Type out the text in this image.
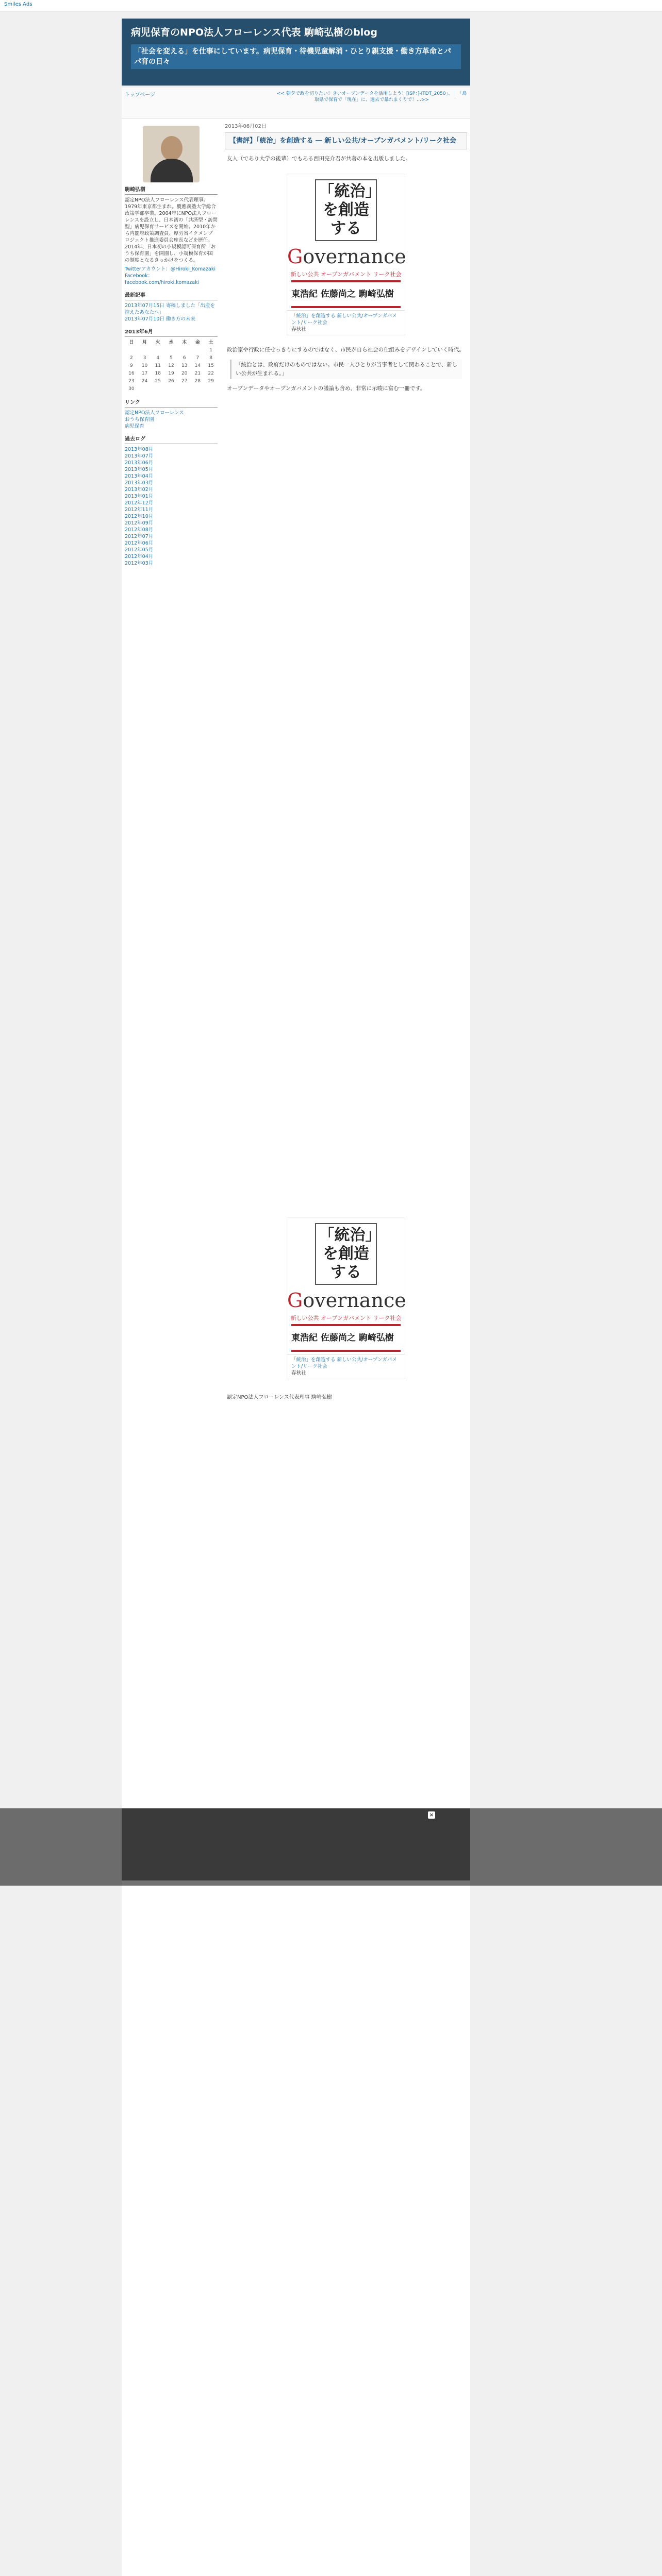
Smiles Ads
病児保育のNPO法人フローレンス代表 駒崎弘樹のblog
「社会を変える」を仕事にしています。病児保育・待機児童解消・ひとり親支援・働き方革命とパパ育の日々
トップページ	<< 朝夕で政を切りたい！きいオープンデータを活用しよう！[ISP：]-ITDT_2050」、｜「鳥取県で保育で「現在」に、過去で暴れまくりで！…>>
駒崎弘樹
認定NPO法人フローレンス代表理事。1979年東京都生まれ。慶應義塾大学総合政策学部卒業。2004年にNPO法人フローレンスを設立し、日本初の「共済型・訪問型」病児保育サービスを開始。2010年から内閣府政策調査員、厚労省イクメンプロジェクト推進委員会座長などを歴任。2014年、日本初の小規模認可保育所「おうち保育園」を開園し、小規模保育が国の制度となるきっかけをつくる。
Twitterアカウント：@Hiroki_Komazaki
Facebook：facebook.com/hiroki.komazaki
最新記事
2013年07月15日 寄稿しました「出産を控えたあなたへ」
2013年07月10日 働き方の未来
2013年6月
日	月	火	水	木	金	土
						1
2	3	4	5	6	7	8
9	10	11	12	13	14	15
16	17	18	19	20	21	22
23	24	25	26	27	28	29
30						
リンク
認定NPO法人フローレンス
おうち保育園
病児保育
過去ログ
2013年08月
2013年07月
2013年06月
2013年05月
2013年04月
2013年03月
2013年02月
2013年01月
2012年12月
2012年11月
2012年10月
2012年09月
2012年08月
2012年07月
2012年06月
2012年05月
2012年04月
2012年03月
2013年06月02日
【書評】「統治」を創造する ― 新しい公共/オープンガバメント/リーク社会

友人（であり大学の後輩）でもある西田亮介君が共著の本を出版しました。

「統治」を創造する
Governance
新しい公共 オープンガバメント リーク社会
東浩紀 佐藤尚之 駒崎弘樹
「統治」を創造する 新しい公共/オープンガバメント/リーク社会
春秋社

政治家や行政に任せっきりにするのではなく、市民が自ら社会の仕組みをデザインしていく時代。

「統治とは、政府だけのものではない。市民一人ひとりが当事者として関わることで、新しい公共が生まれる。」

オープンデータやオープンガバメントの議論も含め、非常に示唆に富む一冊です。

「統治」を創造する
Governance
新しい公共 オープンガバメント リーク社会
東浩紀 佐藤尚之 駒崎弘樹
「統治」を創造する 新しい公共/オープンガバメント/リーク社会
春秋社
認定NPO法人フローレンス代表理事 駒崎弘樹
×
